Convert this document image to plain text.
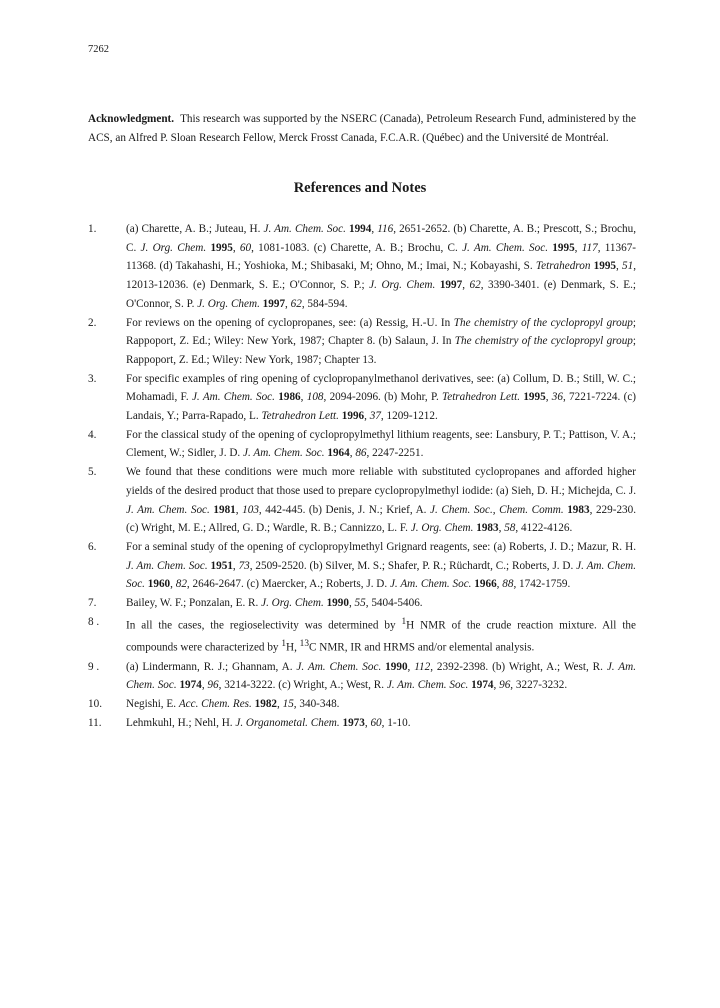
7262

Acknowledgment. This research was supported by the NSERC (Canada), Petroleum Research Fund, administered by the ACS, an Alfred P. Sloan Research Fellow, Merck Frosst Canada, F.C.A.R. (Québec) and the Université de Montréal.

References and Notes
1.	(a) Charette, A. B.; Juteau, H. J. Am. Chem. Soc. 1994, 116, 2651-2652. (b) Charette, A. B.; Prescott, S.; Brochu, C. J. Org. Chem. 1995, 60, 1081-1083. (c) Charette, A. B.; Brochu, C. J. Am. Chem. Soc. 1995, 117, 11367-11368. (d) Takahashi, H.; Yoshioka, M.; Shibasaki, M; Ohno, M.; Imai, N.; Kobayashi, S. Tetrahedron 1995, 51, 12013-12036. (e) Denmark, S. E.; O'Connor, S. P.; J. Org. Chem. 1997, 62, 3390-3401. (e) Denmark, S. E.; O'Connor, S. P. J. Org. Chem. 1997, 62, 584-594.
2.	For reviews on the opening of cyclopropanes, see: (a) Ressig, H.-U. In The chemistry of the cyclopropyl group; Rappoport, Z. Ed.; Wiley: New York, 1987; Chapter 8. (b) Salaun, J. In The chemistry of the cyclopropyl group; Rappoport, Z. Ed.; Wiley: New York, 1987; Chapter 13.
3.	For specific examples of ring opening of cyclopropanylmethanol derivatives, see: (a) Collum, D. B.; Still, W. C.; Mohamadi, F. J. Am. Chem. Soc. 1986, 108, 2094-2096. (b) Mohr, P. Tetrahedron Lett. 1995, 36, 7221-7224. (c) Landais, Y.; Parra-Rapado, L. Tetrahedron Lett. 1996, 37, 1209-1212.
4.	For the classical study of the opening of cyclopropylmethyl lithium reagents, see: Lansbury, P. T.; Pattison, V. A.; Clement, W.; Sidler, J. D. J. Am. Chem. Soc. 1964, 86, 2247-2251.
5.	We found that these conditions were much more reliable with substituted cyclopropanes and afforded higher yields of the desired product that those used to prepare cyclopropylmethyl iodide: (a) Sieh, D. H.; Michejda, C. J. J. Am. Chem. Soc. 1981, 103, 442-445. (b) Denis, J. N.; Krief, A. J. Chem. Soc., Chem. Comm. 1983, 229-230. (c) Wright, M. E.; Allred, G. D.; Wardle, R. B.; Cannizzo, L. F. J. Org. Chem. 1983, 58, 4122-4126.
6.	For a seminal study of the opening of cyclopropylmethyl Grignard reagents, see: (a) Roberts, J. D.; Mazur, R. H. J. Am. Chem. Soc. 1951, 73, 2509-2520. (b) Silver, M. S.; Shafer, P. R.; Rüchardt, C.; Roberts, J. D. J. Am. Chem. Soc. 1960, 82, 2646-2647. (c) Maercker, A.; Roberts, J. D. J. Am. Chem. Soc. 1966, 88, 1742-1759.
7.	Bailey, W. F.; Ponzalan, E. R. J. Org. Chem. 1990, 55, 5404-5406.
8 .	In all the cases, the regioselectivity was determined by $^1$H NMR of the crude reaction mixture. All the compounds were characterized by $^1$H, $^{13}$C NMR, IR and HRMS and/or elemental analysis.
9 .	(a) Lindermann, R. J.; Ghannam, A. J. Am. Chem. Soc. 1990, 112, 2392-2398. (b) Wright, A.; West, R. J. Am. Chem. Soc. 1974, 96, 3214-3222. (c) Wright, A.; West, R. J. Am. Chem. Soc. 1974, 96, 3227-3232.
10.	Negishi, E. Acc. Chem. Res. 1982, 15, 340-348.
11.	Lehmkuhl, H.; Nehl, H. J. Organometal. Chem. 1973, 60, 1-10.
